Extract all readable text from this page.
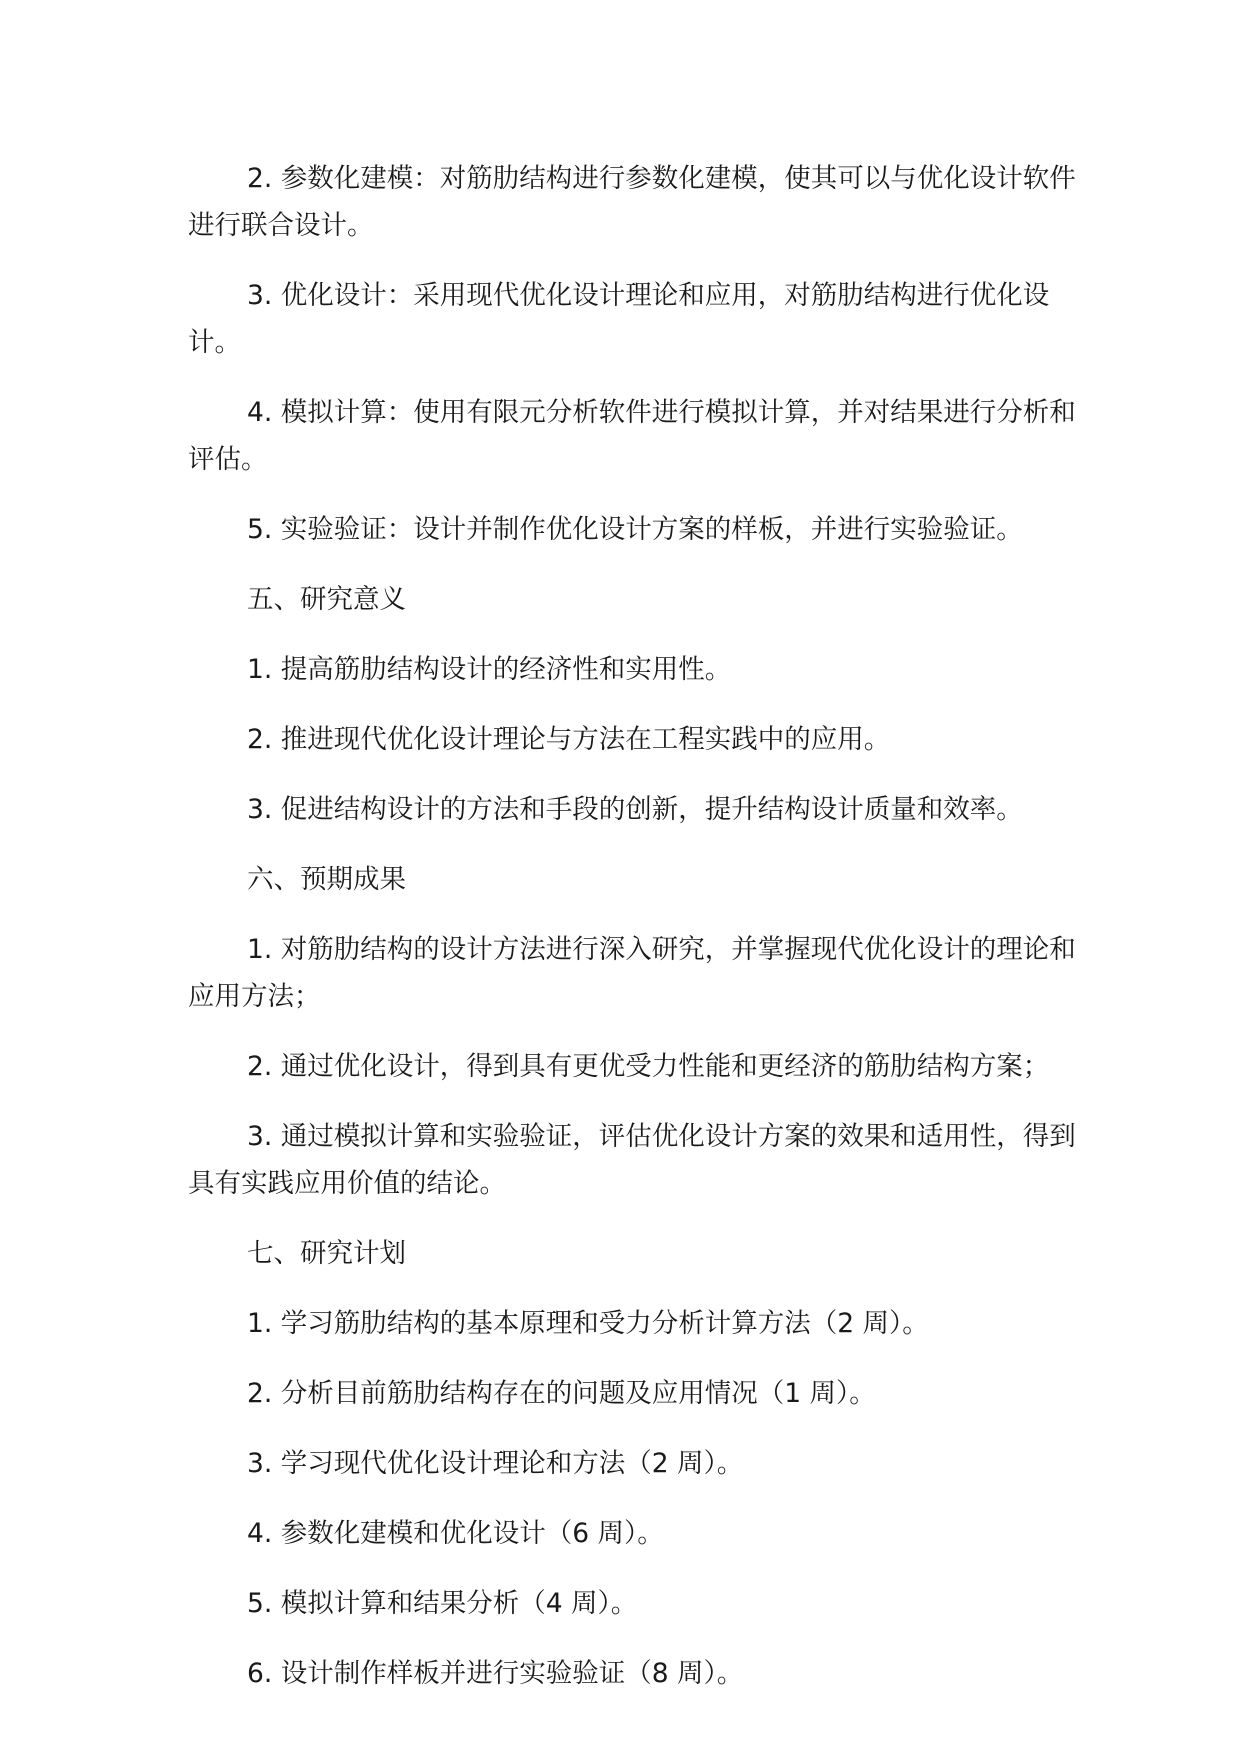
2. 参数化建模：对筋肋结构进行参数化建模，使其可以与优化设计软件进行联合设计。

3. 优化设计：采用现代优化设计理论和应用，对筋肋结构进行优化设计。

4. 模拟计算：使用有限元分析软件进行模拟计算，并对结果进行分析和评估。

5. 实验验证：设计并制作优化设计方案的样板，并进行实验验证。

五、研究意义

1. 提高筋肋结构设计的经济性和实用性。

2. 推进现代优化设计理论与方法在工程实践中的应用。

3. 促进结构设计的方法和手段的创新，提升结构设计质量和效率。

六、预期成果

1. 对筋肋结构的设计方法进行深入研究，并掌握现代优化设计的理论和应用方法；

2. 通过优化设计，得到具有更优受力性能和更经济的筋肋结构方案；

3. 通过模拟计算和实验验证，评估优化设计方案的效果和适用性，得到具有实践应用价值的结论。

七、研究计划

1. 学习筋肋结构的基本原理和受力分析计算方法（2 周）。

2. 分析目前筋肋结构存在的问题及应用情况（1 周）。

3. 学习现代优化设计理论和方法（2 周）。

4. 参数化建模和优化设计（6 周）。

5. 模拟计算和结果分析（4 周）。

6. 设计制作样板并进行实验验证（8 周）。
